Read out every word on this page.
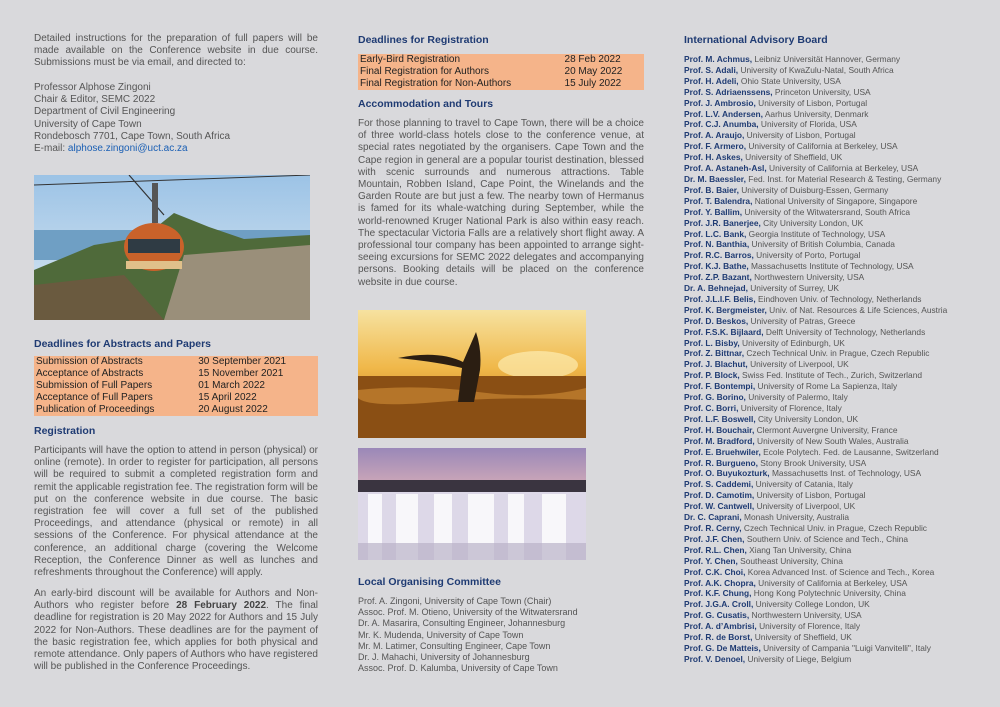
Detailed instructions for the preparation of full papers will be made available on the Conference website in due course. Submissions must be via email, and directed to:

Professor Alphose Zingoni
Chair & Editor, SEMC 2022
Department of Civil Engineering
University of Cape Town
Rondebosch 7701, Cape Town, South Africa
E-mail: alphose.zingoni@uct.ac.za
Deadlines for Abstracts and Papers
Submission of Abstracts	30 September 2021
Acceptance of Abstracts	15 November 2021
Submission of Full Papers	01 March 2022
Acceptance of Full Papers	15 April 2022
Publication of Proceedings	20 August 2022
Registration

Participants will have the option to attend in person (physical) or online (remote). In order to register for participation, all persons will be required to submit a completed registration form and remit the applicable registration fee. The registration form will be put on the conference website in due course. The basic registration fee will cover a full set of the published Proceedings, and attendance (physical or remote) in all sessions of the Conference. For physical attendance at the conference, an additional charge (covering the Welcome Reception, the Conference Dinner as well as lunches and refreshments throughout the Conference) will apply.

An early-bird discount will be available for Authors and Non-Authors who register before 28 February 2022. The final deadline for registration is 20 May 2022 for Authors and 15 July 2022 for Non-Authors. These deadlines are for the payment of the basic registration fee, which applies for both physical and remote attendance. Only papers of Authors who have registered will be published in the Conference Proceedings.

Deadlines for Registration
Early-Bird Registration	28 Feb 2022
Final Registration for Authors	20 May 2022
Final Registration for Non-Authors	15 July 2022
Accommodation and Tours

For those planning to travel to Cape Town, there will be a choice of three world-class hotels close to the conference venue, at special rates negotiated by the organisers. Cape Town and the Cape region in general are a popular tourist destination, blessed with scenic surrounds and numerous attractions. Table Mountain, Robben Island, Cape Point, the Winelands and the Garden Route are but just a few. The nearby town of Hermanus is famed for its whale-watching during September, while the world-renowned Kruger National Park is also within easy reach. The spectacular Victoria Falls are a relatively short flight away. A professional tour company has been appointed to arrange sight-seeing excursions for SEMC 2022 delegates and accompanying persons. Booking details will be placed on the conference website in due course.

Local Organising Committee
Prof. A. Zingoni, University of Cape Town (Chair)
Assoc. Prof. M. Otieno, University of the Witwatersrand
Dr. A. Masarira, Consulting Engineer, Johannesburg
Mr. K. Mudenda, University of Cape Town
Mr. M. Latimer, Consulting Engineer, Cape Town
Dr. J. Mahachi, University of Johannesburg
Assoc. Prof. D. Kalumba, University of Cape Town
International Advisory Board
Prof. M. Achmus, Leibniz Universität Hannover, Germany
Prof. S. Adali, University of KwaZulu-Natal, South Africa
Prof. H. Adeli, Ohio State University, USA
Prof. S. Adriaenssens, Princeton University, USA
Prof. J. Ambrosio, University of Lisbon, Portugal
Prof. L.V. Andersen, Aarhus University, Denmark
Prof. C.J. Anumba, University of Florida, USA
Prof. A. Araujo, University of Lisbon, Portugal
Prof. F. Armero, University of California at Berkeley, USA
Prof. H. Askes, University of Sheffield, UK
Prof. A. Astaneh-Asl, University of California at Berkeley, USA
Dr. M. Baessler, Fed. Inst. for Material Research & Testing, Germany
Prof. B. Baier, University of Duisburg-Essen, Germany
Prof. T. Balendra, National University of Singapore, Singapore
Prof. Y. Ballim, University of the Witwatersrand, South Africa
Prof. J.R. Banerjee, City University London, UK
Prof. L.C. Bank, Georgia Institute of Technology, USA
Prof. N. Banthia, University of British Columbia, Canada
Prof. R.C. Barros, University of Porto, Portugal
Prof. K.J. Bathe, Massachusetts Institute of Technology, USA
Prof. Z.P. Bazant, Northwestern University, USA
Dr. A. Behnejad, University of Surrey, UK
Prof. J.L.I.F. Belis, Eindhoven Univ. of Technology, Netherlands
Prof. K. Bergmeister, Univ. of Nat. Resources & Life Sciences, Austria
Prof. D. Beskos, University of Patras, Greece
Prof. F.S.K. Bijlaard, Delft University of Technology, Netherlands
Prof. L. Bisby, University of Edinburgh, UK
Prof. Z. Bittnar, Czech Technical Univ. in Prague, Czech Republic
Prof. J. Blachut, University of Liverpool, UK
Prof. P. Block, Swiss Fed. Institute of Tech., Zurich, Switzerland
Prof. F. Bontempi, University of Rome La Sapienza, Italy
Prof. G. Borino, University of Palermo, Italy
Prof. C. Borri, University of Florence, Italy
Prof. L.F. Boswell, City University London, UK
Prof. H. Bouchair, Clermont Auvergne University, France
Prof. M. Bradford, University of New South Wales, Australia
Prof. E. Bruehwiler, Ecole Polytech. Fed. de Lausanne, Switzerland
Prof. R. Burgueno, Stony Brook University, USA
Prof. O. Buyukozturk, Massachusetts Inst. of Technology, USA
Prof. S. Caddemi, University of Catania, Italy
Prof. D. Camotim, University of Lisbon, Portugal
Prof. W. Cantwell, University of Liverpool, UK
Dr. C. Caprani, Monash University, Australia
Prof. R. Cerny, Czech Technical Univ. in Prague, Czech Republic
Prof. J.F. Chen, Southern Univ. of Science and Tech., China
Prof. R.L. Chen, Xiang Tan University, China
Prof. Y. Chen, Southeast University, China
Prof. C.K. Choi, Korea Advanced Inst. of Science and Tech., Korea
Prof. A.K. Chopra, University of California at Berkeley, USA
Prof. K.F. Chung, Hong Kong Polytechnic University, China
Prof. J.G.A. Croll, University College London, UK
Prof. G. Cusatis, Northwestern University, USA
Prof. A. d’Ambrisi, University of Florence, Italy
Prof. R. de Borst, University of Sheffield, UK
Prof. G. De Matteis, University of Campania "Luigi Vanvitelli", Italy
Prof. V. Denoel, University of Liege, Belgium
